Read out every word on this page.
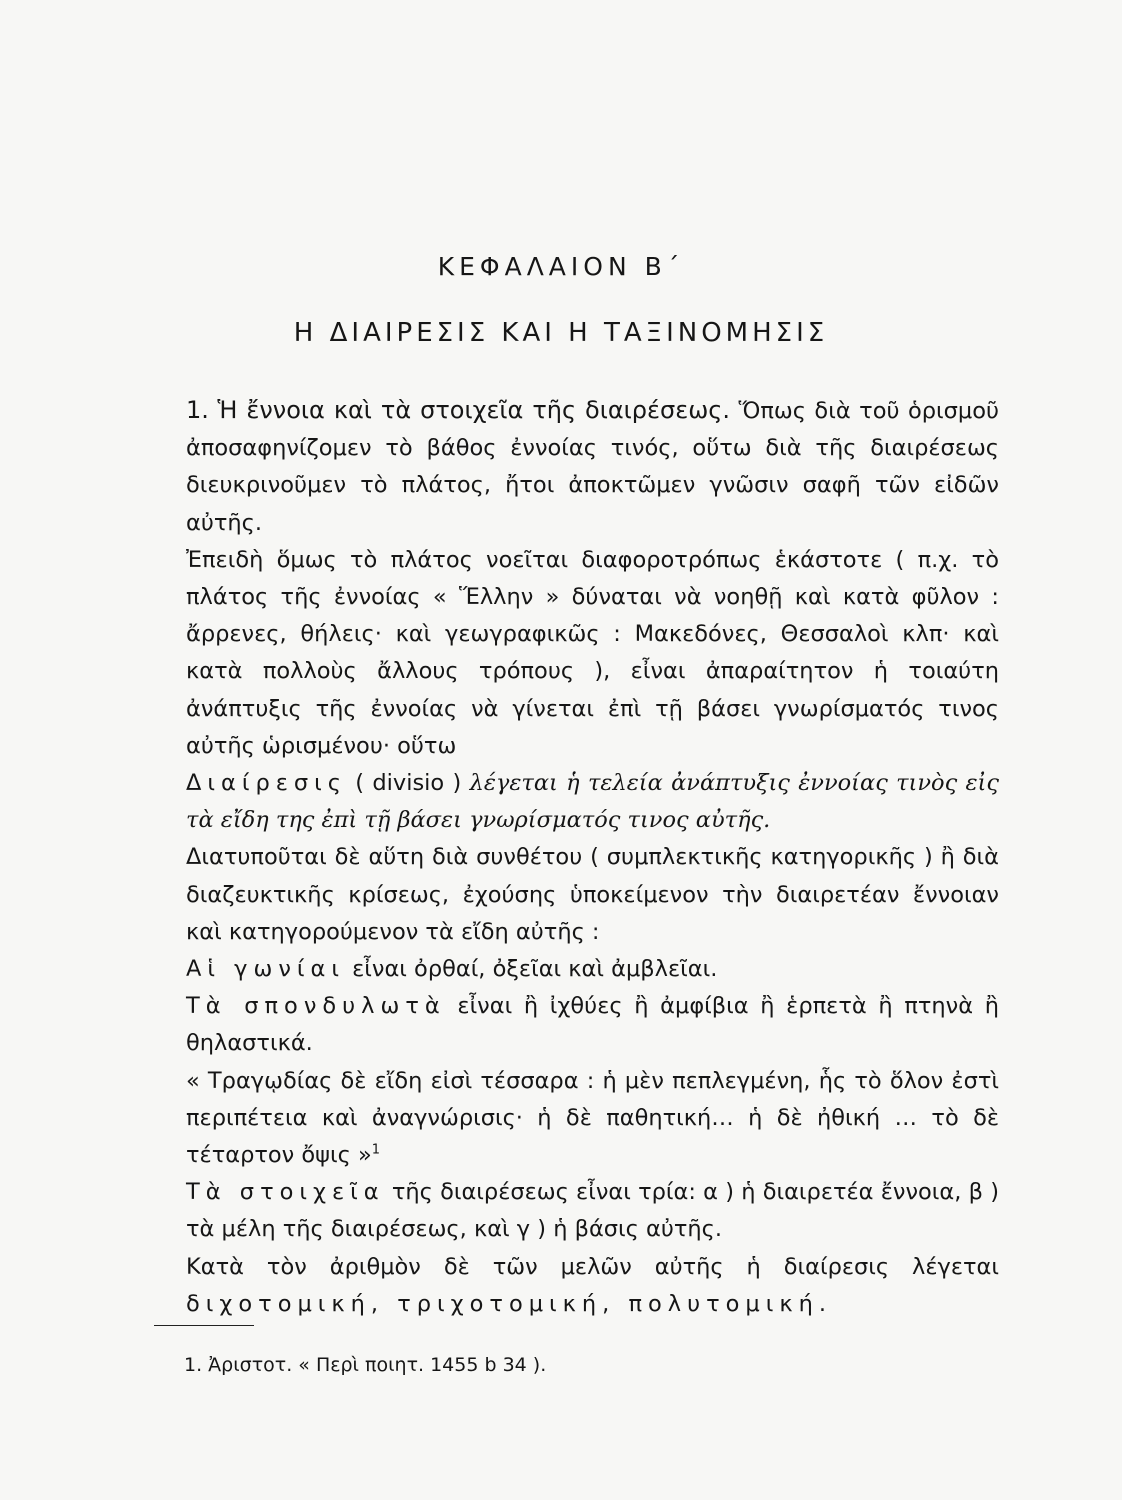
ΚΕΦΑΛΑΙΟΝ Β΄
Η ΔΙΑΙΡΕΣΙΣ ΚΑΙ Η ΤΑΞΙΝΟΜΗΣΙΣ

1. Ἡ ἔννοια καὶ τὰ στοιχεῖα τῆς διαιρέσεως. Ὅπως διὰ τοῦ ὁρισμοῦ ἀποσαφηνίζομεν τὸ βάθος ἐννοίας τινός, οὕτω διὰ τῆς διαιρέσεως διευκρινοῦμεν τὸ πλάτος, ἤτοι ἀποκτῶμεν γνῶσιν σαφῆ τῶν εἰδῶν αὐτῆς.

Ἐπειδὴ ὅμως τὸ πλάτος νοεῖται διαφοροτρόπως ἑκάστοτε ( π.χ. τὸ πλάτος τῆς ἐννοίας « Ἕλλην » δύναται νὰ νοηθῇ καὶ κατὰ φῦλον : ἄρρενες, θήλεις· καὶ γεωγραφικῶς : Μακεδόνες, Θεσσαλοὶ κλπ· καὶ κατὰ πολλοὺς ἄλλους τρόπους ), εἶναι ἀπαραίτητον ἡ τοιαύτη ἀνάπτυξις τῆς ἐννοίας νὰ γίνεται ἐπὶ τῇ βάσει γνωρίσματός τινος αὐτῆς ὡρισμένου· οὕτω

Διαίρεσις ( divisio ) λέγεται ἡ τελεία ἀνάπτυξις ἐννοίας τινὸς εἰς τὰ εἴδη της ἐπὶ τῇ βάσει γνωρίσματός τινος αὐτῆς.

Διατυποῦται δὲ αὕτη διὰ συνθέτου ( συμπλεκτικῆς κατηγορικῆς ) ἢ διὰ διαζευκτικῆς κρίσεως, ἐχούσης ὑποκείμενον τὴν διαιρετέαν ἔννοιαν καὶ κατηγορούμενον τὰ εἴδη αὐτῆς :

Αἱ γωνίαι εἶναι ὀρθαί, ὀξεῖαι καὶ ἀμβλεῖαι.

Τὰ σπονδυλωτὰ εἶναι ἢ ἰχθύες ἢ ἀμφίβια ἢ ἑρπετὰ ἢ πτηνὰ ἢ θηλαστικά.

« Τραγῳδίας δὲ εἴδη εἰσὶ τέσσαρα : ἡ μὲν πεπλεγμένη, ἧς τὸ ὅλον ἐστὶ περιπέτεια καὶ ἀναγνώρισις· ἡ δὲ παθητική… ἡ δὲ ἠθική … τὸ δὲ τέταρτον ὄψις »$^1$

Τὰ στοιχεῖα τῆς διαιρέσεως εἶναι τρία: α ) ἡ διαιρετέα ἔννοια, β ) τὰ μέλη τῆς διαιρέσεως, καὶ γ ) ἡ βάσις αὐτῆς.

Κατὰ τὸν ἀριθμὸν δὲ τῶν μελῶν αὐτῆς ἡ διαίρεσις λέγεται διχοτομική, τριχοτομική, πολυτομική.

1. Ἀριστοτ. « Περὶ ποιητ. 1455 b 34 ).
